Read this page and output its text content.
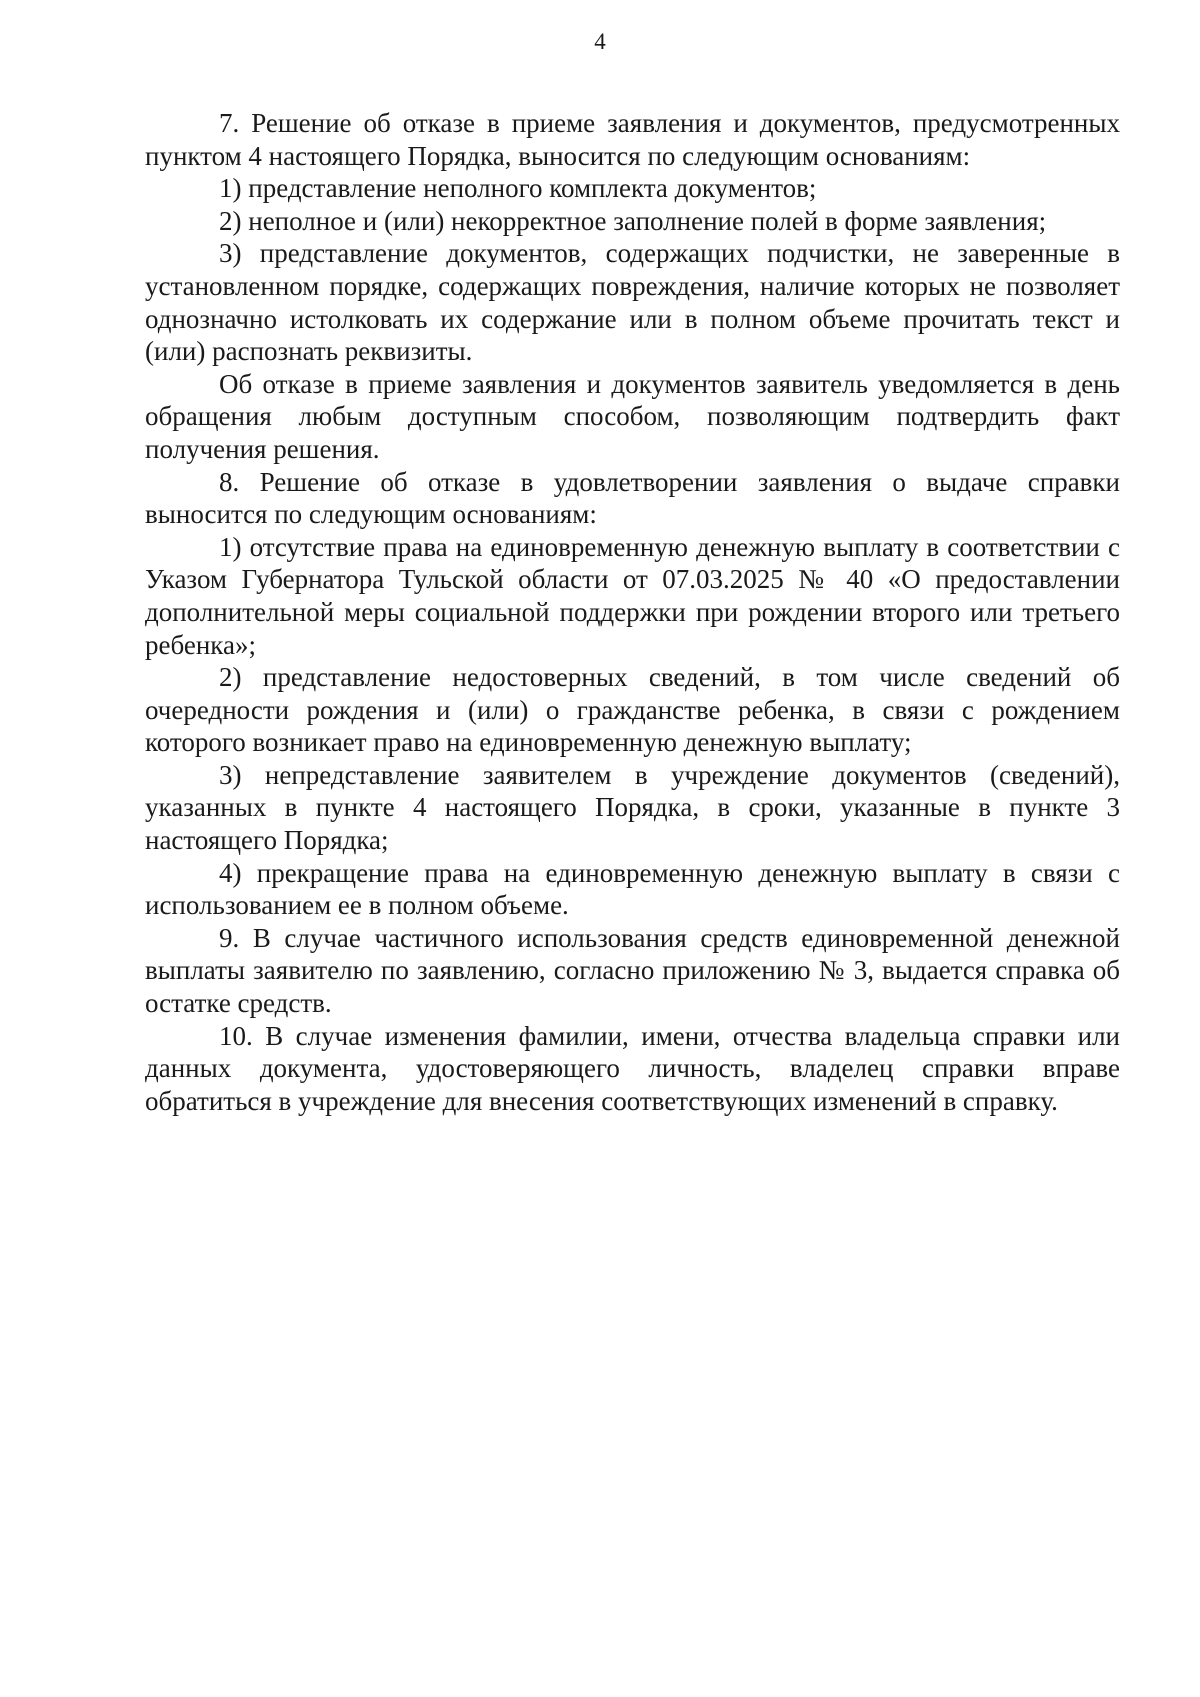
4

7. Решение об отказе в приеме заявления и документов, предусмотренных пунктом 4 настоящего Порядка, выносится по следующим основаниям:

1) представление неполного комплекта документов;

2) неполное и (или) некорректное заполнение полей в форме заявления;

3) представление документов, содержащих подчистки, не заверенные в установленном порядке, содержащих повреждения, наличие которых не позволяет однозначно истолковать их содержание или в полном объеме прочитать текст и (или) распознать реквизиты.

Об отказе в приеме заявления и документов заявитель уведомляется в день обращения любым доступным способом, позволяющим подтвердить факт получения решения.

8. Решение об отказе в удовлетворении заявления о выдаче справки выносится по следующим основаниям:

1) отсутствие права на единовременную денежную выплату в соответствии с Указом Губернатора Тульской области от 07.03.2025 № 40 «О предоставлении дополнительной меры социальной поддержки при рождении второго или третьего ребенка»;

2) представление недостоверных сведений, в том числе сведений об очередности рождения и (или) о гражданстве ребенка, в связи с рождением которого возникает право на единовременную денежную выплату;

3) непредставление заявителем в учреждение документов (сведений), указанных в пункте 4 настоящего Порядка, в сроки, указанные в пункте 3 настоящего Порядка;

4) прекращение права на единовременную денежную выплату в связи с использованием ее в полном объеме.

9. В случае частичного использования средств единовременной денежной выплаты заявителю по заявлению, согласно приложению № 3, выдается справка об остатке средств.

10. В случае изменения фамилии, имени, отчества владельца справки или данных документа, удостоверяющего личность, владелец справки вправе обратиться в учреждение для внесения соответствующих изменений в справку.
